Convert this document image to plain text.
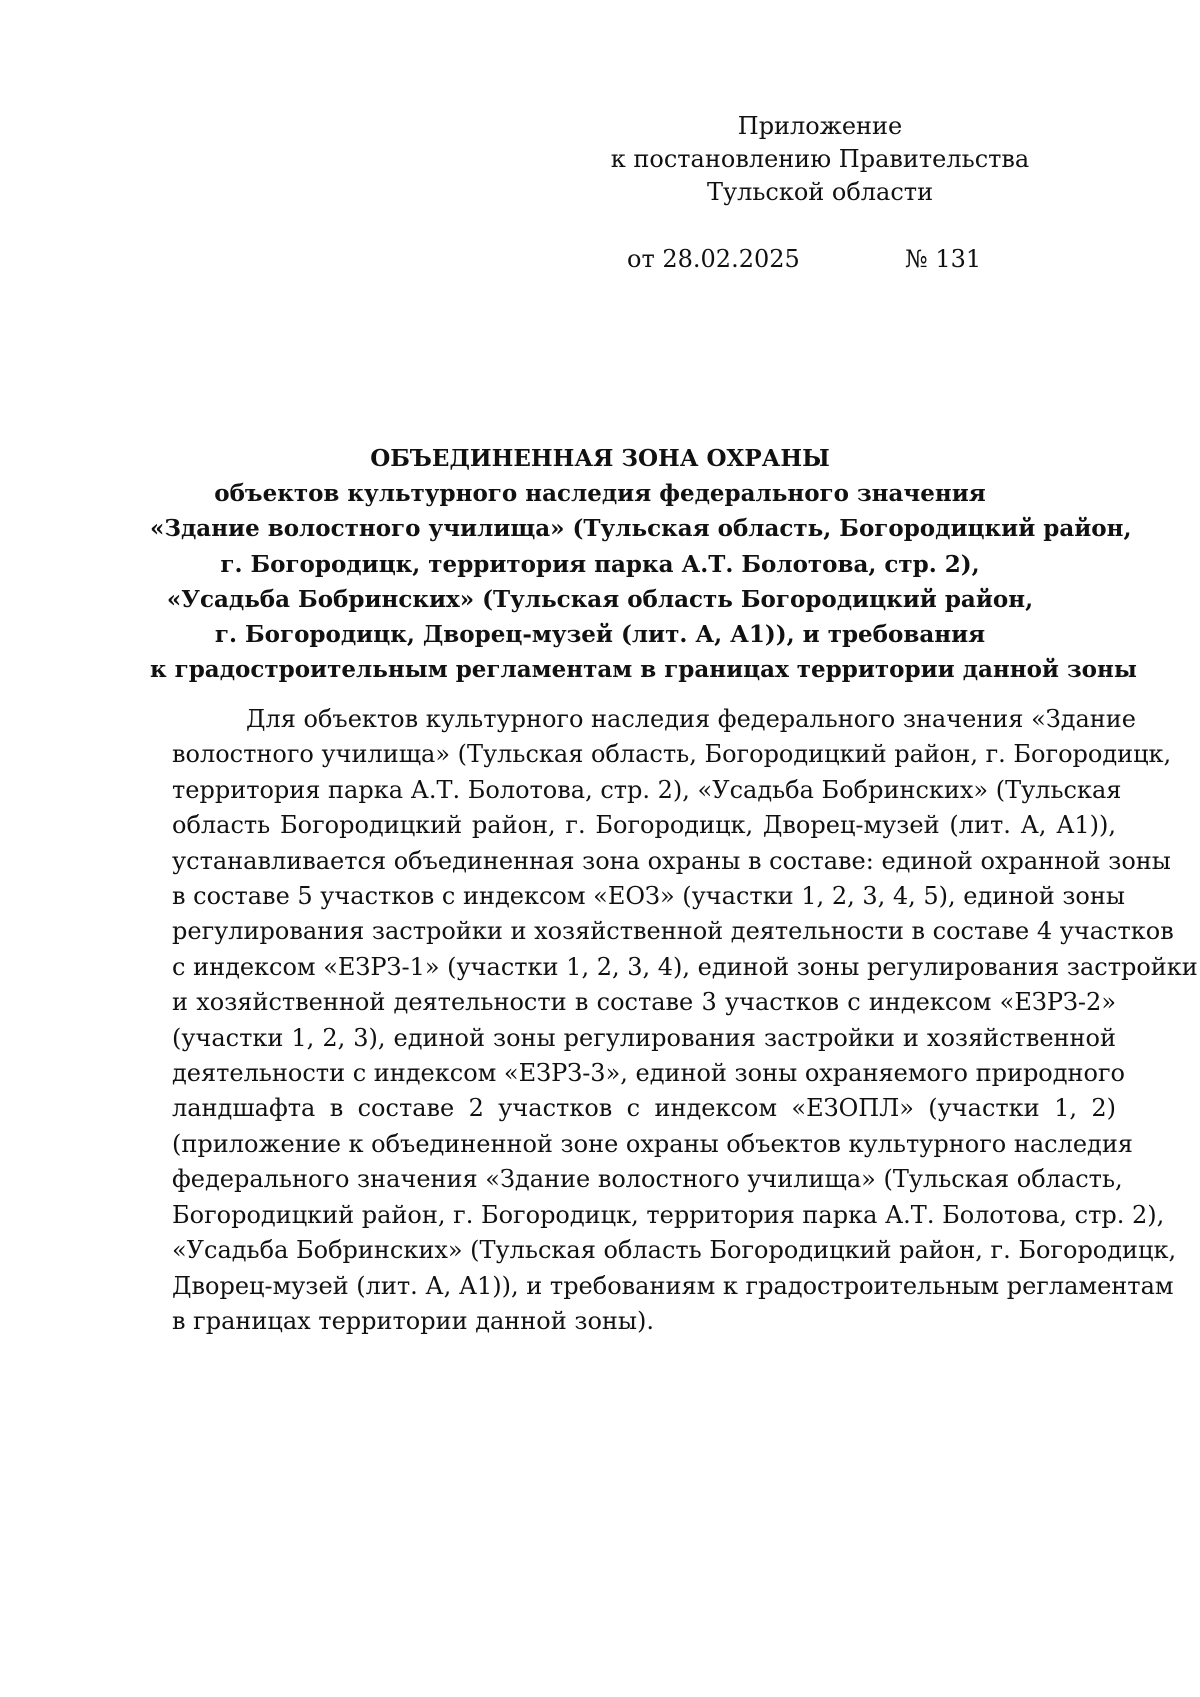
Приложение
к постановлению Правительства
Тульской области
от 28.02.2025	№ 131
ОБЪЕДИНЕННАЯ ЗОНА ОХРАНЫ
объектов культурного наследия федерального значения
«Здание волостного училища» (Тульская область, Богородицкий район,
г. Богородицк, территория парка А.Т. Болотова, стр. 2),
«Усадьба Бобринских» (Тульская область Богородицкий район,
г. Богородицк, Дворец-музей (лит. А, А1)), и требования
к градостроительным регламентам в границах территории данной зоны
Для объектов культурного наследия федерального значения «Здание
волостного училища» (Тульская область, Богородицкий район, г. Богородицк,
территория парка А.Т. Болотова, стр. 2), «Усадьба Бобринских» (Тульская
область Богородицкий район, г. Богородицк, Дворец-музей (лит. А, А1)),
устанавливается объединенная зона охраны в составе: единой охранной зоны
в составе 5 участков с индексом «ЕОЗ» (участки 1, 2, 3, 4, 5), единой зоны
регулирования застройки и хозяйственной деятельности в составе 4 участков
с индексом «ЕЗРЗ-1» (участки 1, 2, 3, 4), единой зоны регулирования застройки
и хозяйственной деятельности в составе 3 участков с индексом «ЕЗРЗ-2»
(участки 1, 2, 3), единой зоны регулирования застройки и хозяйственной
деятельности с индексом «ЕЗРЗ-3», единой зоны охраняемого природного
ландшафта в составе 2 участков с индексом «ЕЗОПЛ» (участки 1, 2)
(приложение к объединенной зоне охраны объектов культурного наследия
федерального значения «Здание волостного училища» (Тульская область,
Богородицкий район, г. Богородицк, территория парка А.Т. Болотова, стр. 2),
«Усадьба Бобринских» (Тульская область Богородицкий район, г. Богородицк,
Дворец-музей (лит. А, А1)), и требованиям к градостроительным регламентам
в границах территории данной зоны).
